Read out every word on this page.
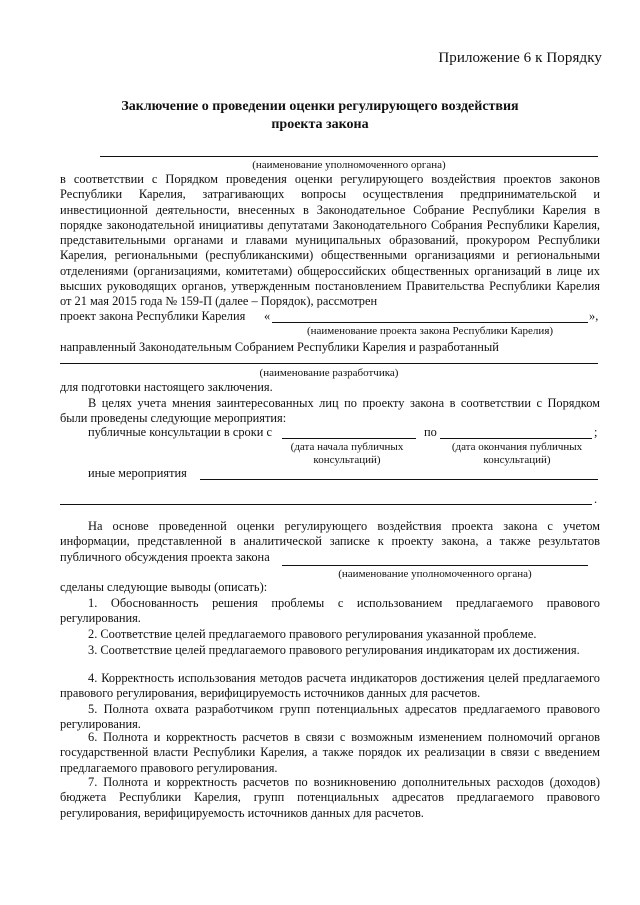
Приложение 6 к Порядку
Заключение о проведении оценки регулирующего воздействия
проекта закона
(наименование уполномоченного органа)
в соответствии с Порядком проведения оценки регулирующего воздействия проектов законов Республики Карелия, затрагивающих вопросы осуществления предпринимательской и инвестиционной деятельности, внесенных в Законодательное Собрание Республики Карелия в порядке законодательной инициативы депутатами Законодательного Собрания Республики Карелия, представительными органами и главами муниципальных образований, прокурором Республики Карелия, региональными (республиканскими) общественными организациями и региональными отделениями (организациями, комитетами) общероссийских общественных организаций в лице их высших руководящих органов, утвержденным постановлением Правительства Республики Карелия от 21 мая 2015 года № 159-П (далее – Порядок), рассмотрен
проект закона Республики Карелия «	»,
(наименование проекта закона Республики Карелия)
направленный Законодательным Собранием Республики Карелия и разработанный
(наименование разработчика)
для подготовки настоящего заключения.
В целях учета мнения заинтересованных лиц по проекту закона в соответствии с Порядком были проведены следующие мероприятия:
публичные консультации в сроки с	по	;
(дата начала публичных
консультаций)
(дата окончания публичных
консультаций)
иные мероприятия
.
На основе проведенной оценки регулирующего воздействия проекта закона с учетом информации, представленной в аналитической записке к проекту закона, а также результатов публичного обсуждения проекта закона
(наименование уполномоченного органа)
сделаны следующие выводы (описать):
1. Обоснованность решения проблемы с использованием предлагаемого правового регулирования.
2. Соответствие целей предлагаемого правового регулирования указанной проблеме.
3. Соответствие целей предлагаемого правового регулирования индикаторам их достижения.
4. Корректность использования методов расчета индикаторов достижения целей предлагаемого правового регулирования, верифицируемость источников данных для расчетов.
5. Полнота охвата разработчиком групп потенциальных адресатов предлагаемого правового регулирования.
6. Полнота и корректность расчетов в связи с возможным изменением полномочий органов государственной власти Республики Карелия, а также порядок их реализации в связи с введением предлагаемого правового регулирования.
7. Полнота и корректность расчетов по возникновению дополнительных расходов (доходов) бюджета Республики Карелия, групп потенциальных адресатов предлагаемого правового регулирования, верифицируемость источников данных для расчетов.
